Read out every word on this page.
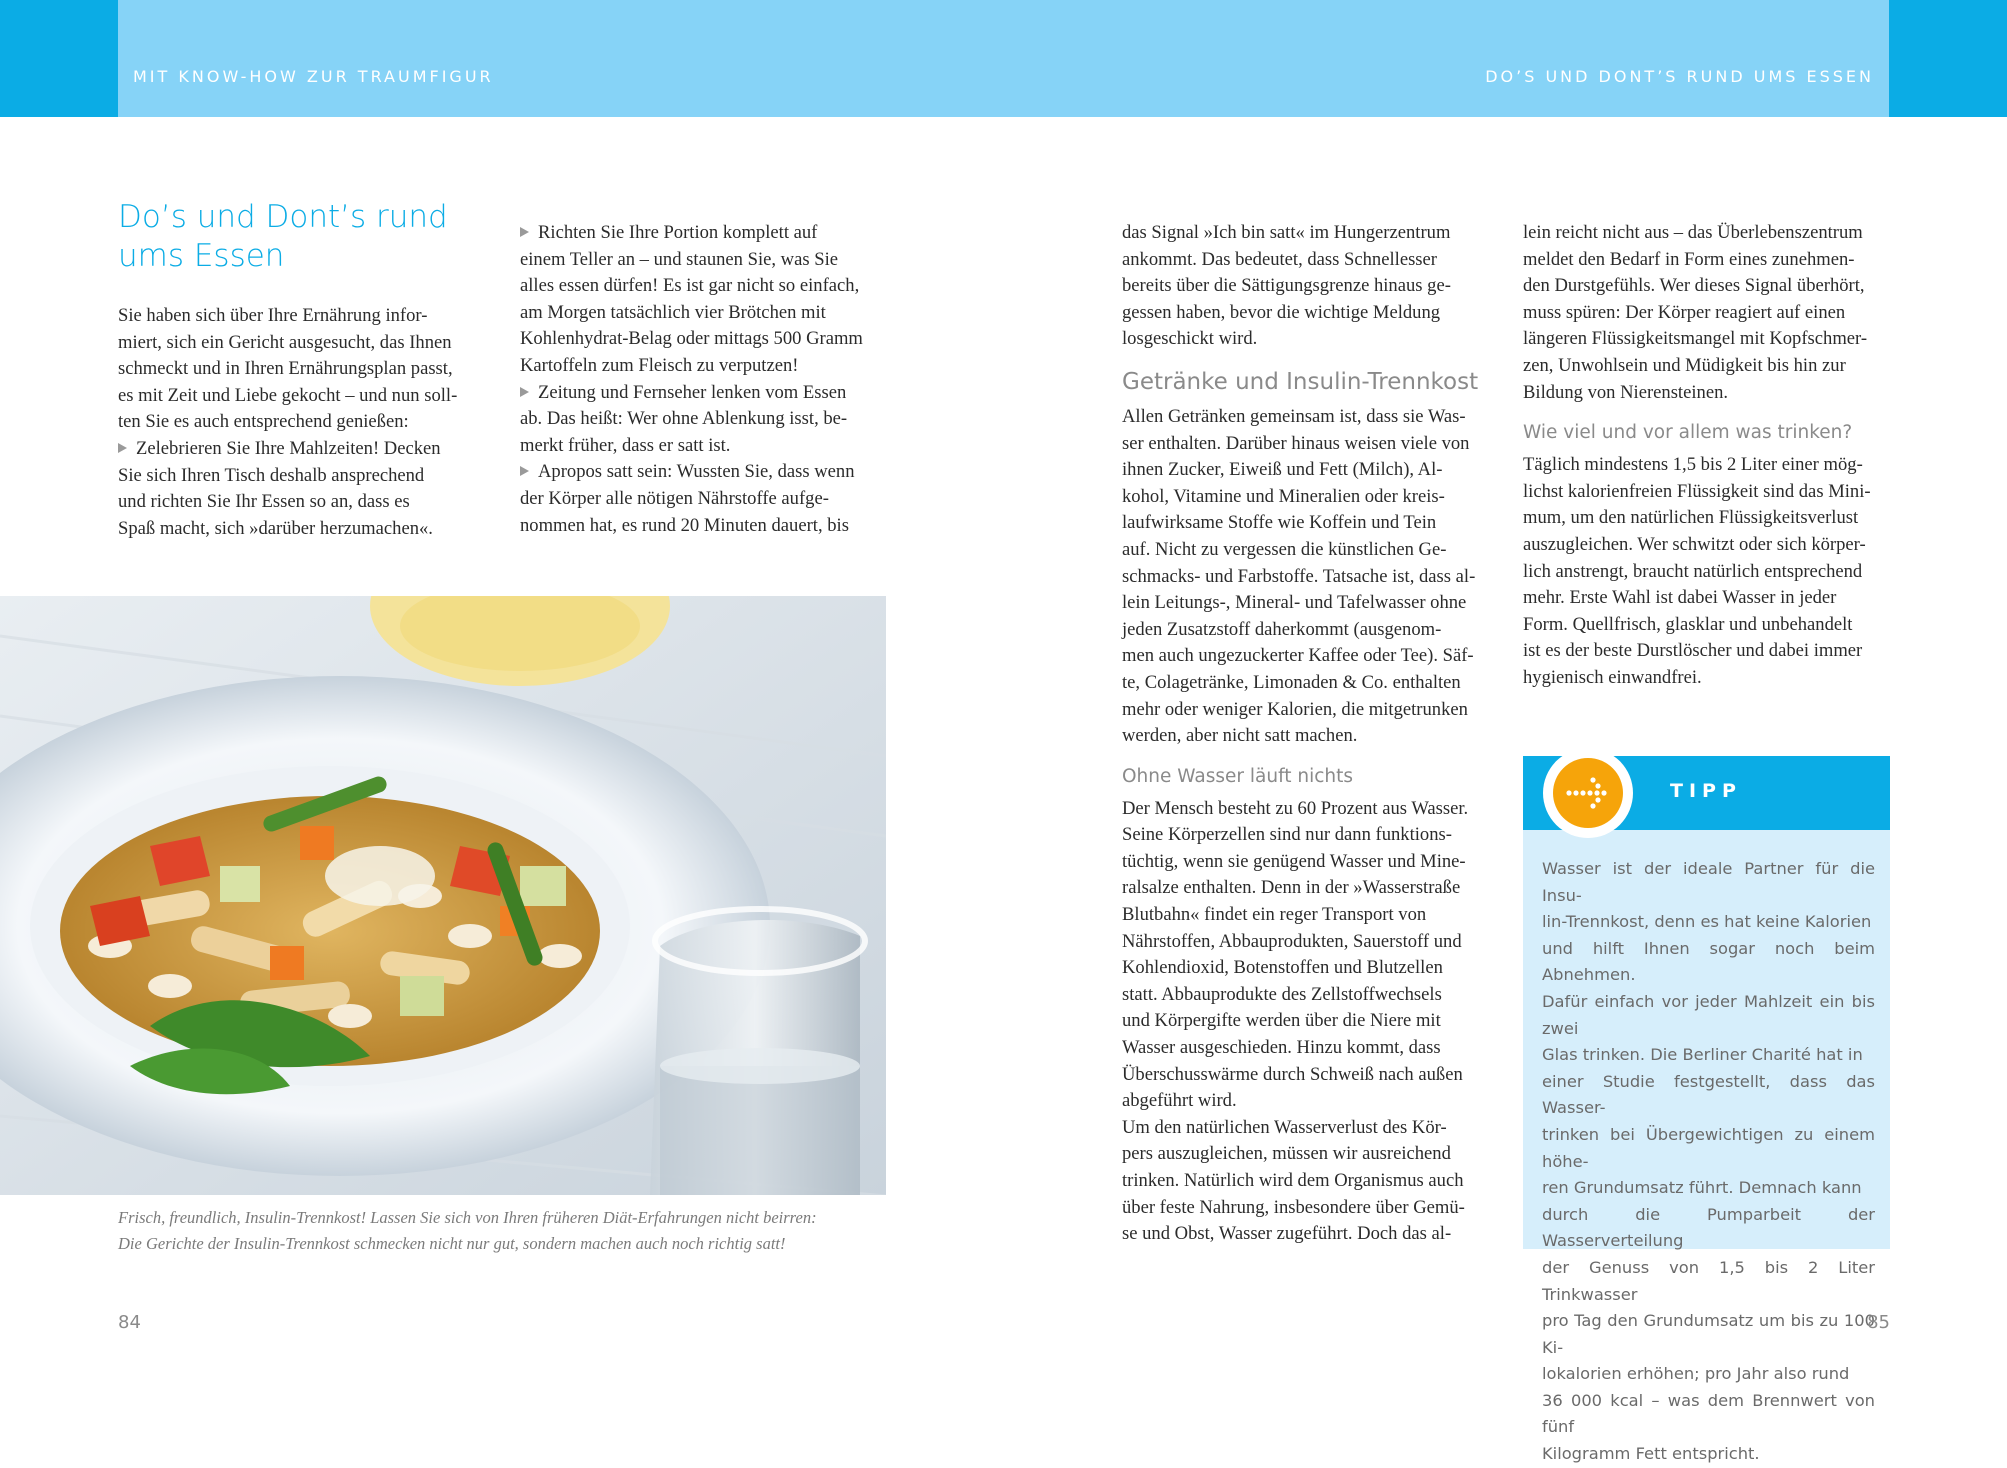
MIT KNOW-HOW ZUR TRAUMFIGUR	DO’S UND DONT’S RUND UMS ESSEN
Do’s und Dont’s rund
ums Essen

Sie haben sich über Ihre Ernährung infor-
miert, sich ein Gericht ausgesucht, das Ihnen
schmeckt und in Ihren Ernährungsplan passt,
es mit Zeit und Liebe gekocht – und nun soll-
ten Sie es auch entsprechend genießen:

Zelebrieren Sie Ihre Mahlzeiten! Decken
Sie sich Ihren Tisch deshalb ansprechend
und richten Sie Ihr Essen so an, dass es
Spaß macht, sich »darüber herzumachen«.

Richten Sie Ihre Portion komplett auf
einem Teller an – und staunen Sie, was Sie
alles essen dürfen! Es ist gar nicht so einfach,
am Morgen tatsächlich vier Brötchen mit
Kohlenhydrat-Belag oder mittags 500 Gramm
Kartoffeln zum Fleisch zu verputzen!

Zeitung und Fernseher lenken vom Essen
ab. Das heißt: Wer ohne Ablenkung isst, be-
merkt früher, dass er satt ist.

Apropos satt sein: Wussten Sie, dass wenn
der Körper alle nötigen Nährstoffe aufge-
nommen hat, es rund 20 Minuten dauert, bis

Frisch, freundlich, Insulin-Trennkost! Lassen Sie sich von Ihren früheren Diät-Erfahrungen nicht beirren:
Die Gerichte der Insulin-Trennkost schmecken nicht nur gut, sondern machen auch noch richtig satt!

das Signal »Ich bin satt« im Hungerzentrum
ankommt. Das bedeutet, dass Schnellesser
bereits über die Sättigungsgrenze hinaus ge-
gessen haben, bevor die wichtige Meldung
losgeschickt wird.

Getränke und Insulin-Trennkost

Allen Getränken gemeinsam ist, dass sie Was-
ser enthalten. Darüber hinaus weisen viele von
ihnen Zucker, Eiweiß und Fett (Milch), Al-
kohol, Vitamine und Mineralien oder kreis-
laufwirksame Stoffe wie Koffein und Tein
auf. Nicht zu vergessen die künstlichen Ge-
schmacks- und Farbstoffe. Tatsache ist, dass al-
lein Leitungs-, Mineral- und Tafelwasser ohne
jeden Zusatzstoff daherkommt (ausgenom-
men auch ungezuckerter Kaffee oder Tee). Säf-
te, Colagetränke, Limonaden & Co. enthalten
mehr oder weniger Kalorien, die mitgetrunken
werden, aber nicht satt machen.

Ohne Wasser läuft nichts

Der Mensch besteht zu 60 Prozent aus Wasser.
Seine Körperzellen sind nur dann funktions-
tüchtig, wenn sie genügend Wasser und Mine-
ralsalze enthalten. Denn in der »Wasserstraße
Blutbahn« findet ein reger Transport von
Nährstoffen, Abbauprodukten, Sauerstoff und
Kohlendioxid, Botenstoffen und Blutzellen
statt. Abbauprodukte des Zellstoffwechsels
und Körpergifte werden über die Niere mit
Wasser ausgeschieden. Hinzu kommt, dass
Überschusswärme durch Schweiß nach außen
abgeführt wird.

Um den natürlichen Wasserverlust des Kör-
pers auszugleichen, müssen wir ausreichend
trinken. Natürlich wird dem Organismus auch
über feste Nahrung, insbesondere über Gemü-
se und Obst, Wasser zugeführt. Doch das al-

lein reicht nicht aus – das Überlebenszentrum
meldet den Bedarf in Form eines zunehmen-
den Durstgefühls. Wer dieses Signal überhört,
muss spüren: Der Körper reagiert auf einen
längeren Flüssigkeitsmangel mit Kopfschmer-
zen, Unwohlsein und Müdigkeit bis hin zur
Bildung von Nierensteinen.

Wie viel und vor allem was trinken?

Täglich mindestens 1,5 bis 2 Liter einer mög-
lichst kalorienfreien Flüssigkeit sind das Mini-
mum, um den natürlichen Flüssigkeitsverlust
auszugleichen. Wer schwitzt oder sich körper-
lich anstrengt, braucht natürlich entsprechend
mehr. Erste Wahl ist dabei Wasser in jeder
Form. Quellfrisch, glasklar und unbehandelt
ist es der beste Durstlöscher und dabei immer
hygienisch einwandfrei.

TIPP
Wasser ist der ideale Partner für die Insu-
lin-Trennkost, denn es hat keine Kalorien
und hilft Ihnen sogar noch beim Abnehmen.
Dafür einfach vor jeder Mahlzeit ein bis zwei
Glas trinken. Die Berliner Charité hat in
einer Studie festgestellt, dass das Wasser-
trinken bei Übergewichtigen zu einem höhe-
ren Grundumsatz führt. Demnach kann
durch die Pumparbeit der Wasserverteilung
der Genuss von 1,5 bis 2 Liter Trinkwasser
pro Tag den Grundumsatz um bis zu 100 Ki-
lokalorien erhöhen; pro Jahr also rund
36 000 kcal – was dem Brennwert von fünf
Kilogramm Fett entspricht.
84	85
